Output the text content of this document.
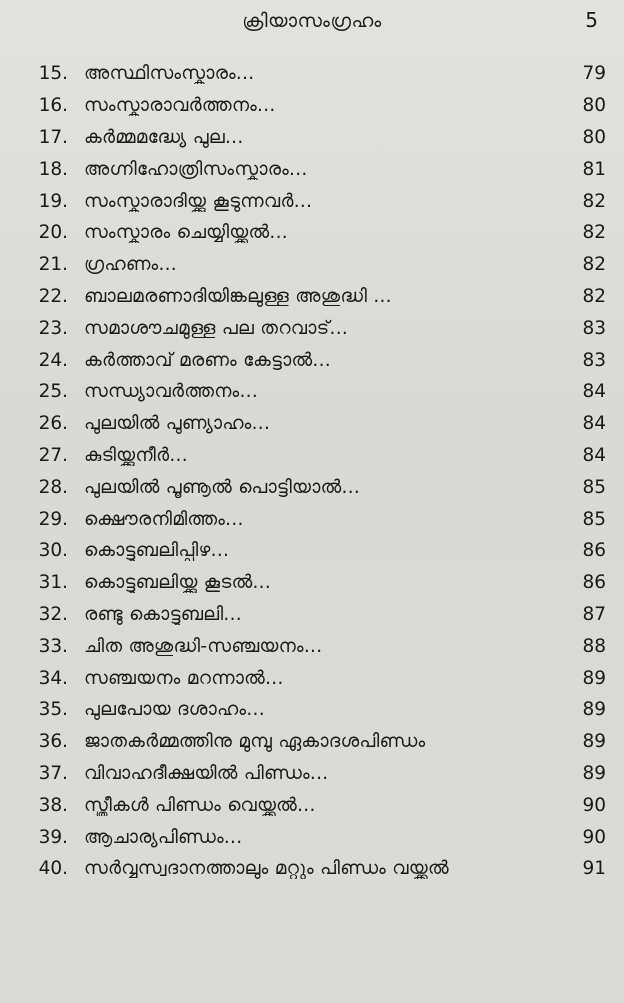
ക്രിയാസംഗ്രഹം	5
15. അസ്ഥിസംസ്കാരം...	79
16. സംസ്കാരാവർത്തനം...	80
17. കർമ്മമദ്ധ്യേ പുല...	80
18. അഗ്നിഹോത്രിസംസ്കാരം...	81
19. സംസ്കാരാദിയ്ക്കു കൂടുന്നവർ...	82
20. സംസ്കാരം ചെയ്യിയ്ക്കൽ...	82
21. ഗ്രഹണം...	82
22. ബാലമരണാദിയിങ്കലുള്ള അശുദ്ധി ...	82
23. സമാശൗചമുള്ള പല തറവാട്...	83
24. കർത്താവ് മരണം കേട്ടാൽ...	83
25. സന്ധ്യാവർത്തനം...	84
26. പുലയിൽ പുണ്യാഹം...	84
27. കുടിയ്ക്കുനീർ...	84
28. പുലയിൽ പൂണൂൽ പൊട്ടിയാൽ...	85
29. ക്ഷൌരനിമിത്തം...	85
30. കൊട്ടുബലിപ്പിഴ...	86
31. കൊട്ടുബലിയ്ക്കു കൂടൽ...	86
32. രണ്ടു കൊട്ടുബലി...	87
33. ചിത അശുദ്ധി-സഞ്ചയനം...	88
34. സഞ്ചയനം മറന്നാൽ...	89
35. പുലപോയ ദശാഹം...	89
36. ജാതകർമ്മത്തിനു മുമ്പു ഏകാദശപിണ്ഡം	89
37. വിവാഹദീക്ഷയിൽ പിണ്ഡം...	89
38. സ്ത്രീകൾ പിണ്ഡം വെയ്ക്കൽ...	90
39. ആചാര്യപിണ്ഡം...	90
40. സർവ്വസ്വദാനത്താലും മറ്റും പിണ്ഡം വയ്ക്കൽ	91
